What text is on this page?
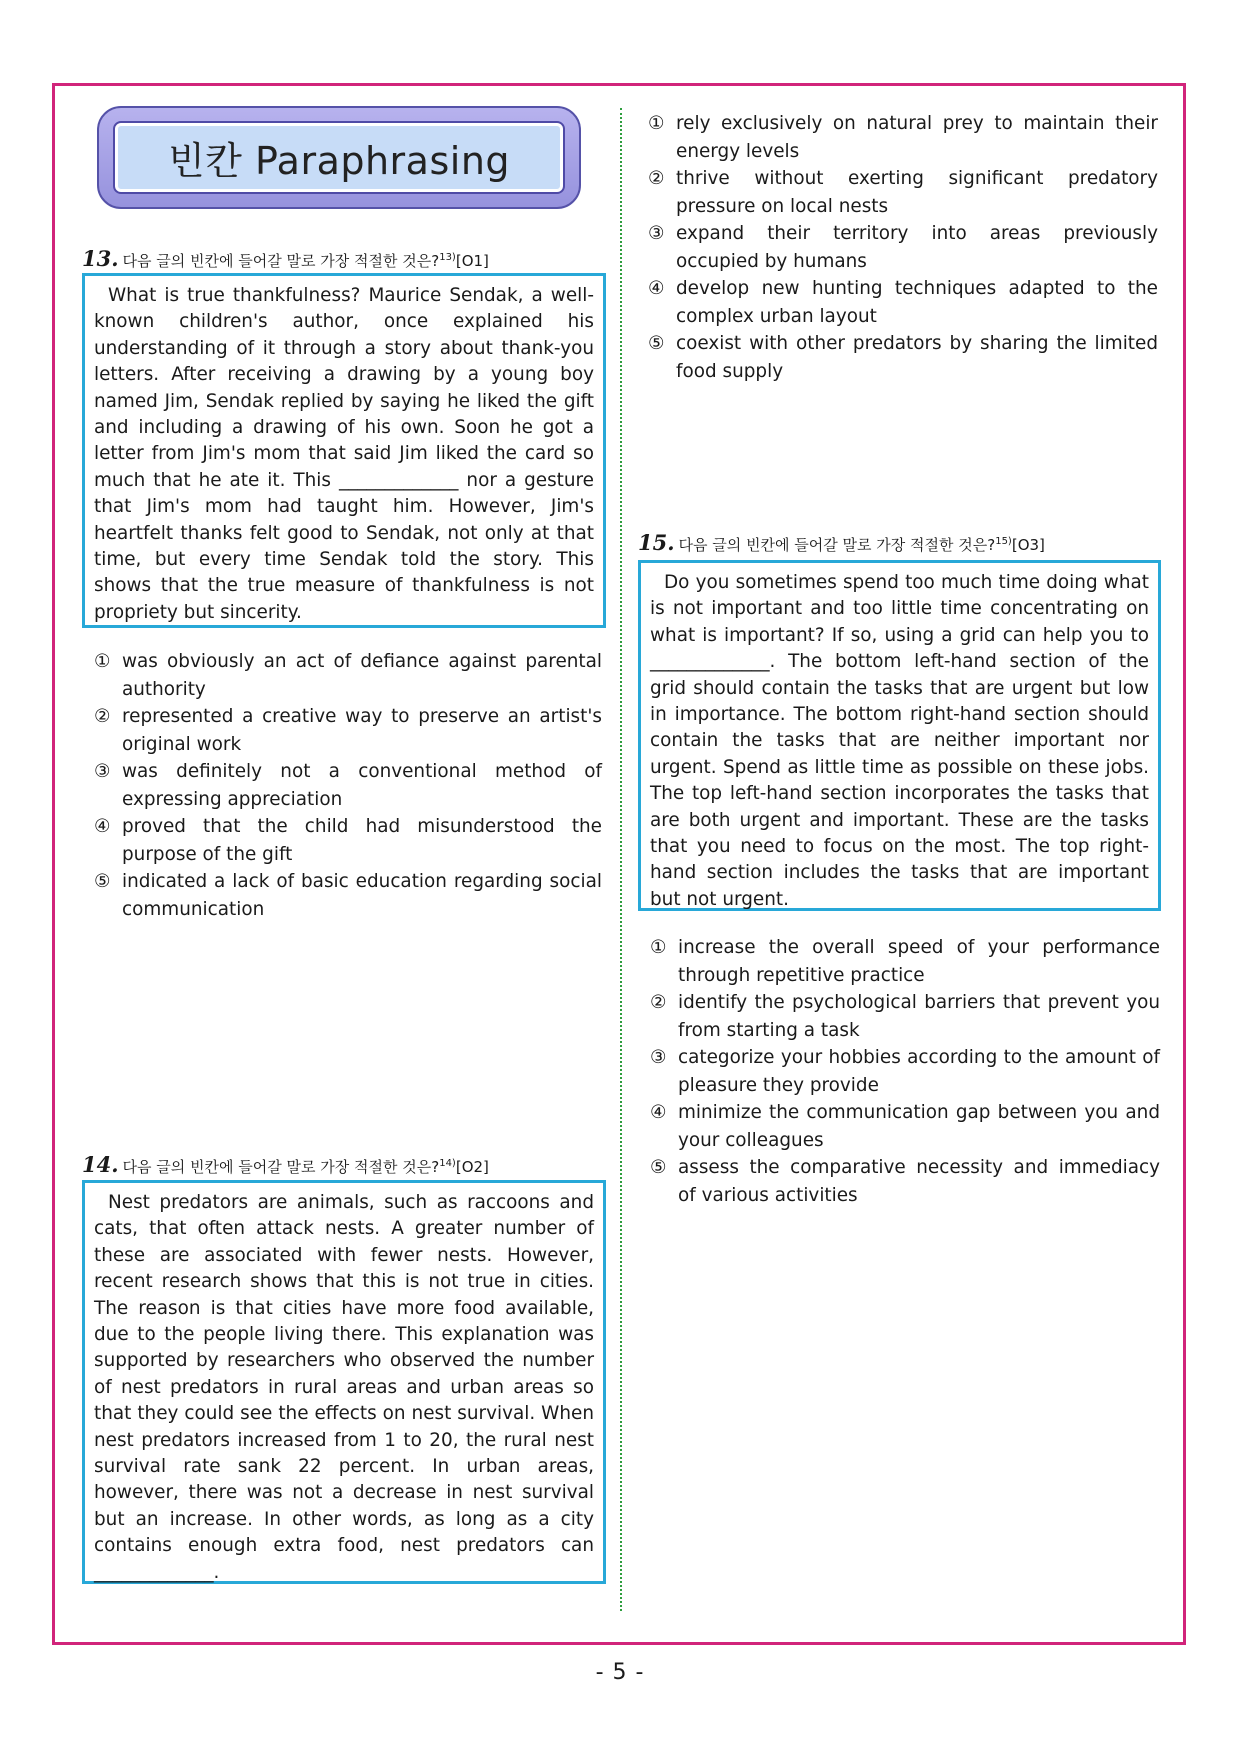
빈칸 Paraphrasing
13. 다음 글의 빈칸에 들어갈 말로 가장 적절한 것은?$^{13)}$[O1]

What is true thankfulness? Maurice Sendak, a well-known children's author, once explained his understanding of it through a story about thank-you letters. After receiving a drawing by a young boy named Jim, Sendak replied by saying he liked the gift and including a drawing of his own. Soon he got a letter from Jim's mom that said Jim liked the card so much that he ate it. This _____________ nor a gesture that Jim's mom had taught him. However, Jim's heartfelt thanks felt good to Sendak, not only at that time, but every time Sendak told the story. This shows that the true measure of thankfulness is not propriety but sincerity.

① was obviously an act of defiance against parental authority
② represented a creative way to preserve an artist's original work
③ was definitely not a conventional method of expressing appreciation
④ proved that the child had misunderstood the purpose of the gift
⑤ indicated a lack of basic education regarding social communication
14. 다음 글의 빈칸에 들어갈 말로 가장 적절한 것은?$^{14)}$[O2]

Nest predators are animals, such as raccoons and cats, that often attack nests. A greater number of these are associated with fewer nests. However, recent research shows that this is not true in cities. The reason is that cities have more food available, due to the people living there. This explanation was supported by researchers who observed the number of nest predators in rural areas and urban areas so that they could see the effects on nest survival. When nest predators increased from 1 to 20, the rural nest survival rate sank 22 percent. In urban areas, however, there was not a decrease in nest survival but an increase. In other words, as long as a city contains enough extra food, nest predators can _____________.

① rely exclusively on natural prey to maintain their energy levels
② thrive without exerting significant predatory pressure on local nests
③ expand their territory into areas previously occupied by humans
④ develop new hunting techniques adapted to the complex urban layout
⑤ coexist with other predators by sharing the limited food supply
15. 다음 글의 빈칸에 들어갈 말로 가장 적절한 것은?$^{15)}$[O3]

Do you sometimes spend too much time doing what is not important and too little time concentrating on what is important? If so, using a grid can help you to _____________. The bottom left-hand section of the grid should contain the tasks that are urgent but low in importance. The bottom right-hand section should contain the tasks that are neither important nor urgent. Spend as little time as possible on these jobs. The top left-hand section incorporates the tasks that are both urgent and important. These are the tasks that you need to focus on the most. The top right-hand section includes the tasks that are important but not urgent.

① increase the overall speed of your performance through repetitive practice
② identify the psychological barriers that prevent you from starting a task
③ categorize your hobbies according to the amount of pleasure they provide
④ minimize the communication gap between you and your colleagues
⑤ assess the comparative necessity and immediacy of various activities
- 5 -
